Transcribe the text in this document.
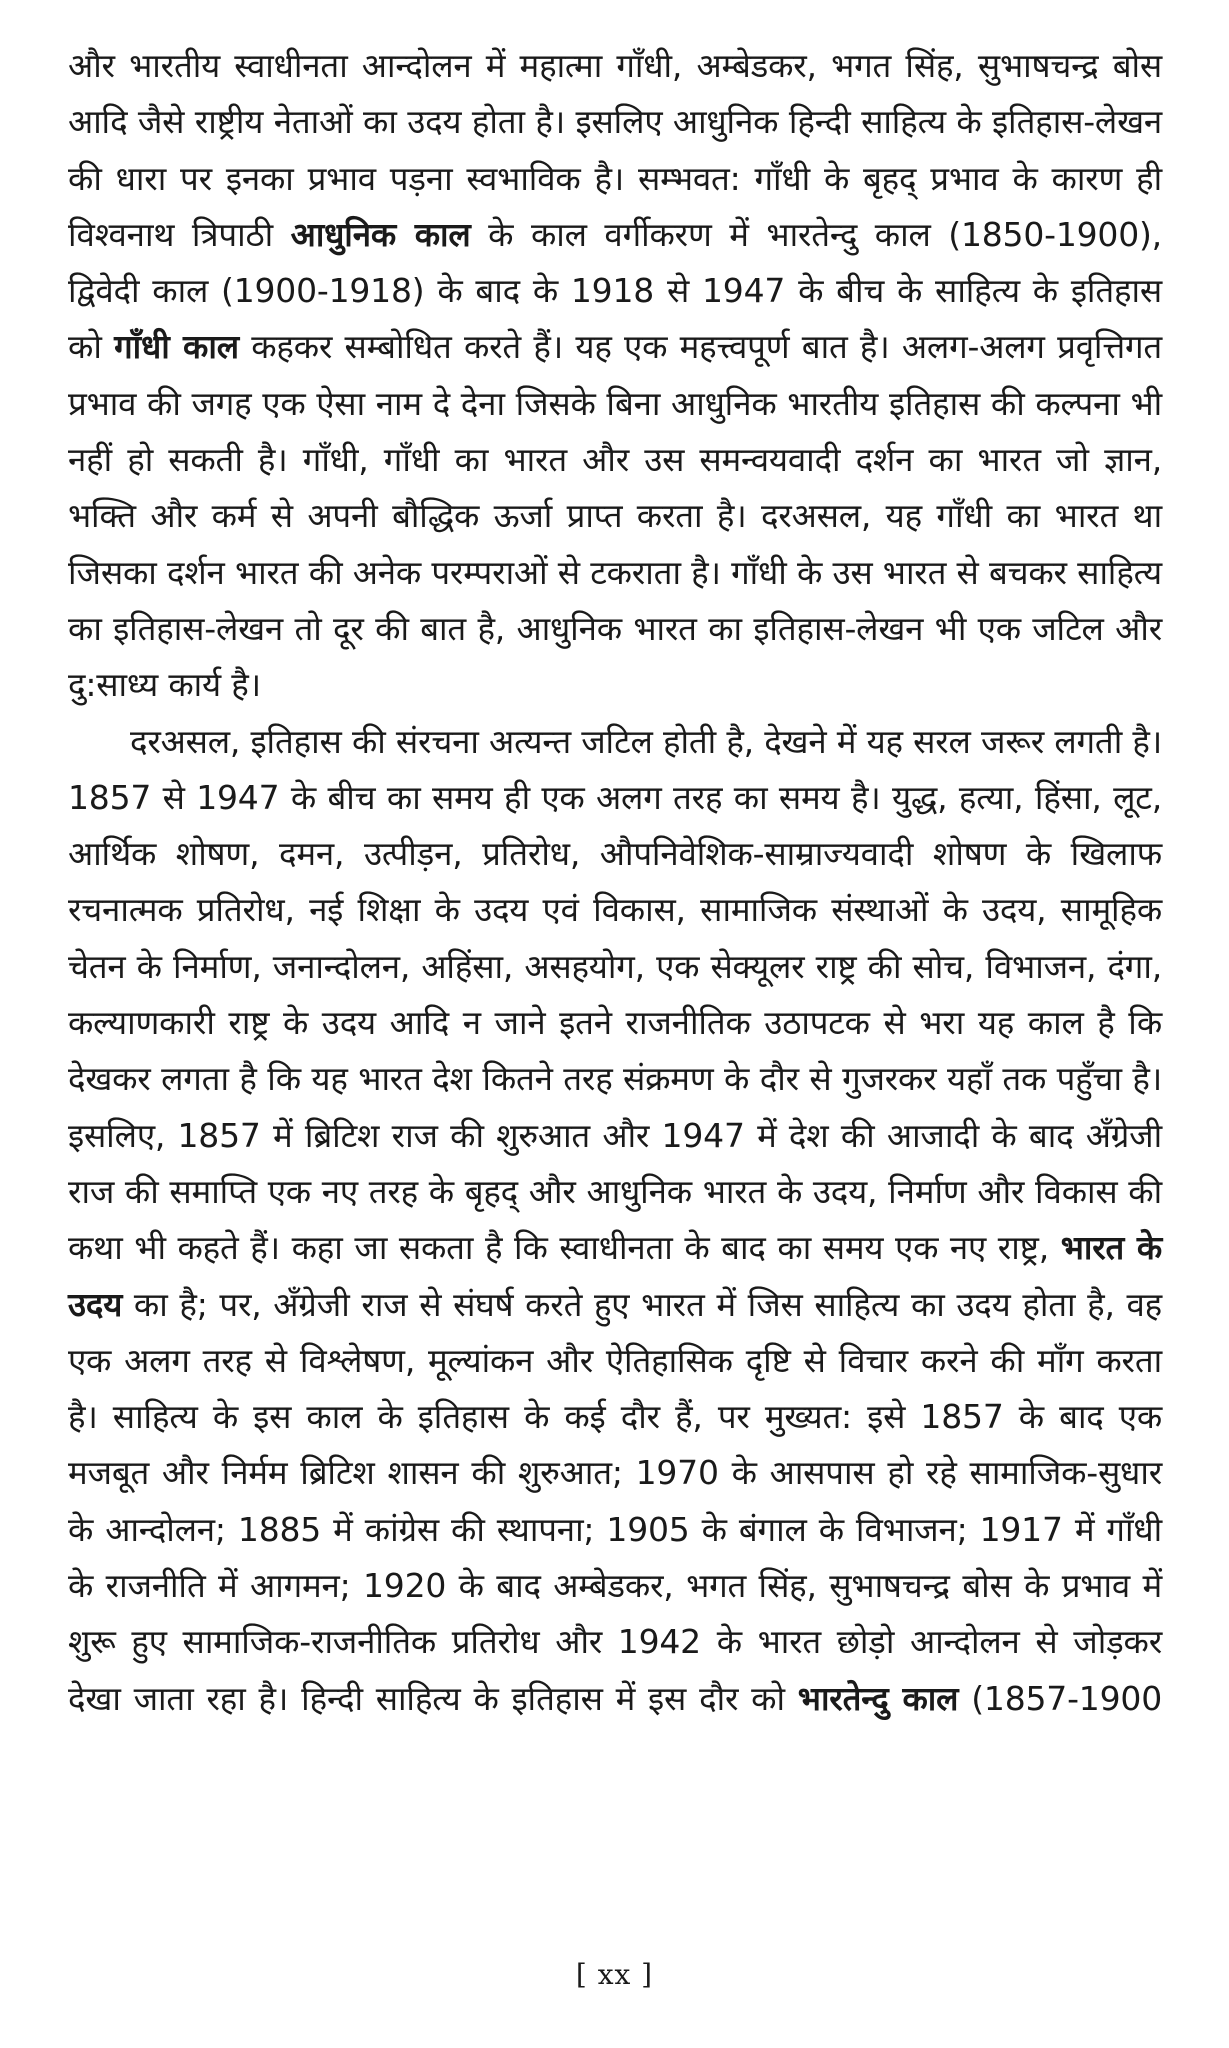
और भारतीय स्वाधीनता आन्दोलन में महात्मा गाँधी, अम्बेडकर, भगत सिंह, सुभाषचन्द्र बोस आदि जैसे राष्ट्रीय नेताओं का उदय होता है। इसलिए आधुनिक हिन्दी साहित्य के इतिहास-लेखन की धारा पर इनका प्रभाव पड़ना स्वभाविक है। सम्भवत: गाँधी के बृहद् प्रभाव के कारण ही विश्वनाथ त्रिपाठी आधुनिक काल के काल वर्गीकरण में भारतेन्दु काल (1850-1900), द्विवेदी काल (1900-1918) के बाद के 1918 से 1947 के बीच के साहित्य के इतिहास को गाँधी काल कहकर सम्बोधित करते हैं। यह एक महत्त्वपूर्ण बात है। अलग-अलग प्रवृत्तिगत प्रभाव की जगह एक ऐसा नाम दे देना जिसके बिना आधुनिक भारतीय इतिहास की कल्पना भी नहीं हो सकती है। गाँधी, गाँधी का भारत और उस समन्वयवादी दर्शन का भारत जो ज्ञान, भक्ति और कर्म से अपनी बौद्धिक ऊर्जा प्राप्त करता है। दरअसल, यह गाँधी का भारत था जिसका दर्शन भारत की अनेक परम्पराओं से टकराता है। गाँधी के उस भारत से बचकर साहित्य का इतिहास-लेखन तो दूर की बात है, आधुनिक भारत का इतिहास-लेखन भी एक जटिल और दु:साध्य कार्य है।

दरअसल, इतिहास की संरचना अत्यन्त जटिल होती है, देखने में यह सरल जरूर लगती है। 1857 से 1947 के बीच का समय ही एक अलग तरह का समय है। युद्ध, हत्या, हिंसा, लूट, आर्थिक शोषण, दमन, उत्पीड़न, प्रतिरोध, औपनिवेशिक-साम्राज्यवादी शोषण के खिलाफ रचनात्मक प्रतिरोध, नई शिक्षा के उदय एवं विकास, सामाजिक संस्थाओं के उदय, सामूहिक चेतन के निर्माण, जनान्दोलन, अहिंसा, असहयोग, एक सेक्यूलर राष्ट्र की सोच, विभाजन, दंगा, कल्याणकारी राष्ट्र के उदय आदि न जाने इतने राजनीतिक उठापटक से भरा यह काल है कि देखकर लगता है कि यह भारत देश कितने तरह संक्रमण के दौर से गुजरकर यहाँ तक पहुँचा है। इसलिए, 1857 में ब्रिटिश राज की शुरुआत और 1947 में देश की आजादी के बाद अँग्रेजी राज की समाप्ति एक नए तरह के बृहद् और आधुनिक भारत के उदय, निर्माण और विकास की कथा भी कहते हैं। कहा जा सकता है कि स्वाधीनता के बाद का समय एक नए राष्ट्र, भारत के उदय का है; पर, अँग्रेजी राज से संघर्ष करते हुए भारत में जिस साहित्य का उदय होता है, वह एक अलग तरह से विश्लेषण, मूल्यांकन और ऐतिहासिक दृष्टि से विचार करने की माँग करता है। साहित्य के इस काल के इतिहास के कई दौर हैं, पर मुख्यत: इसे 1857 के बाद एक मजबूत और निर्मम ब्रिटिश शासन की शुरुआत; 1970 के आसपास हो रहे सामाजिक-सुधार के आन्दोलन; 1885 में कांग्रेस की स्थापना; 1905 के बंगाल के विभाजन; 1917 में गाँधी के राजनीति में आगमन; 1920 के बाद अम्बेडकर, भगत सिंह, सुभाषचन्द्र बोस के प्रभाव में शुरू हुए सामाजिक-राजनीतिक प्रतिरोध और 1942 के भारत छोड़ो आन्दोलन से जोड़कर देखा जाता रहा है। हिन्दी साहित्य के इतिहास में इस दौर को भारतेन्दु काल (1857-1900

[ xx ]
